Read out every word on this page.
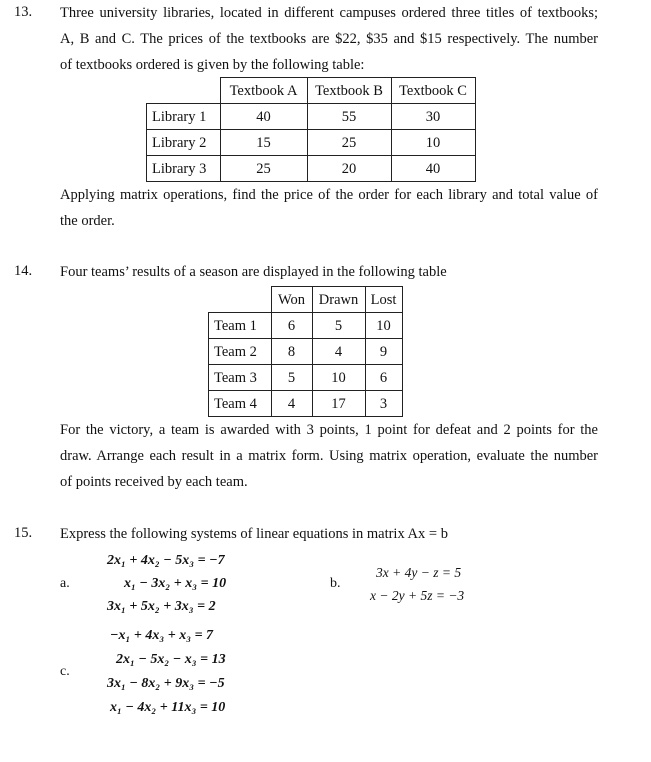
13. Three university libraries, located in different campuses ordered three titles of textbooks;
A, B and C. The prices of the textbooks are $22, $35 and $15 respectively. The number
of textbooks ordered is given by the following table:
	Textbook A	Textbook B	Textbook C
Library 1	40	55	30
Library 2	15	25	10
Library 3	25	20	40
Applying matrix operations, find the price of the order for each library and total value of
the order.
14. Four teams’ results of a season are displayed in the following table
	Won	Drawn	Lost
Team 1	6	5	10
Team 2	8	4	9
Team 3	5	10	6
Team 4	4	17	3
For the victory, a team is awarded with 3 points, 1 point for defeat and 2 points for the
draw. Arrange each result in a matrix form. Using matrix operation, evaluate the number
of points received by each team.
15. Express the following systems of linear equations in matrix Ax = b
a.
2x₁ + 4x₂ − 5x₃ = −7
x₁ − 3x₂ + x₃ = 10
3x₁ + 5x₂ + 3x₃ = 2
b.
3x + 4y − z = 5
x − 2y + 5z = −3
c.
−x₁ + 4x₃ + x₃ = 7
2x₁ − 5x₂ − x₃ = 13
3x₁ − 8x₂ + 9x₃ = −5
x₁ − 4x₂ + 11x₃ = 10
